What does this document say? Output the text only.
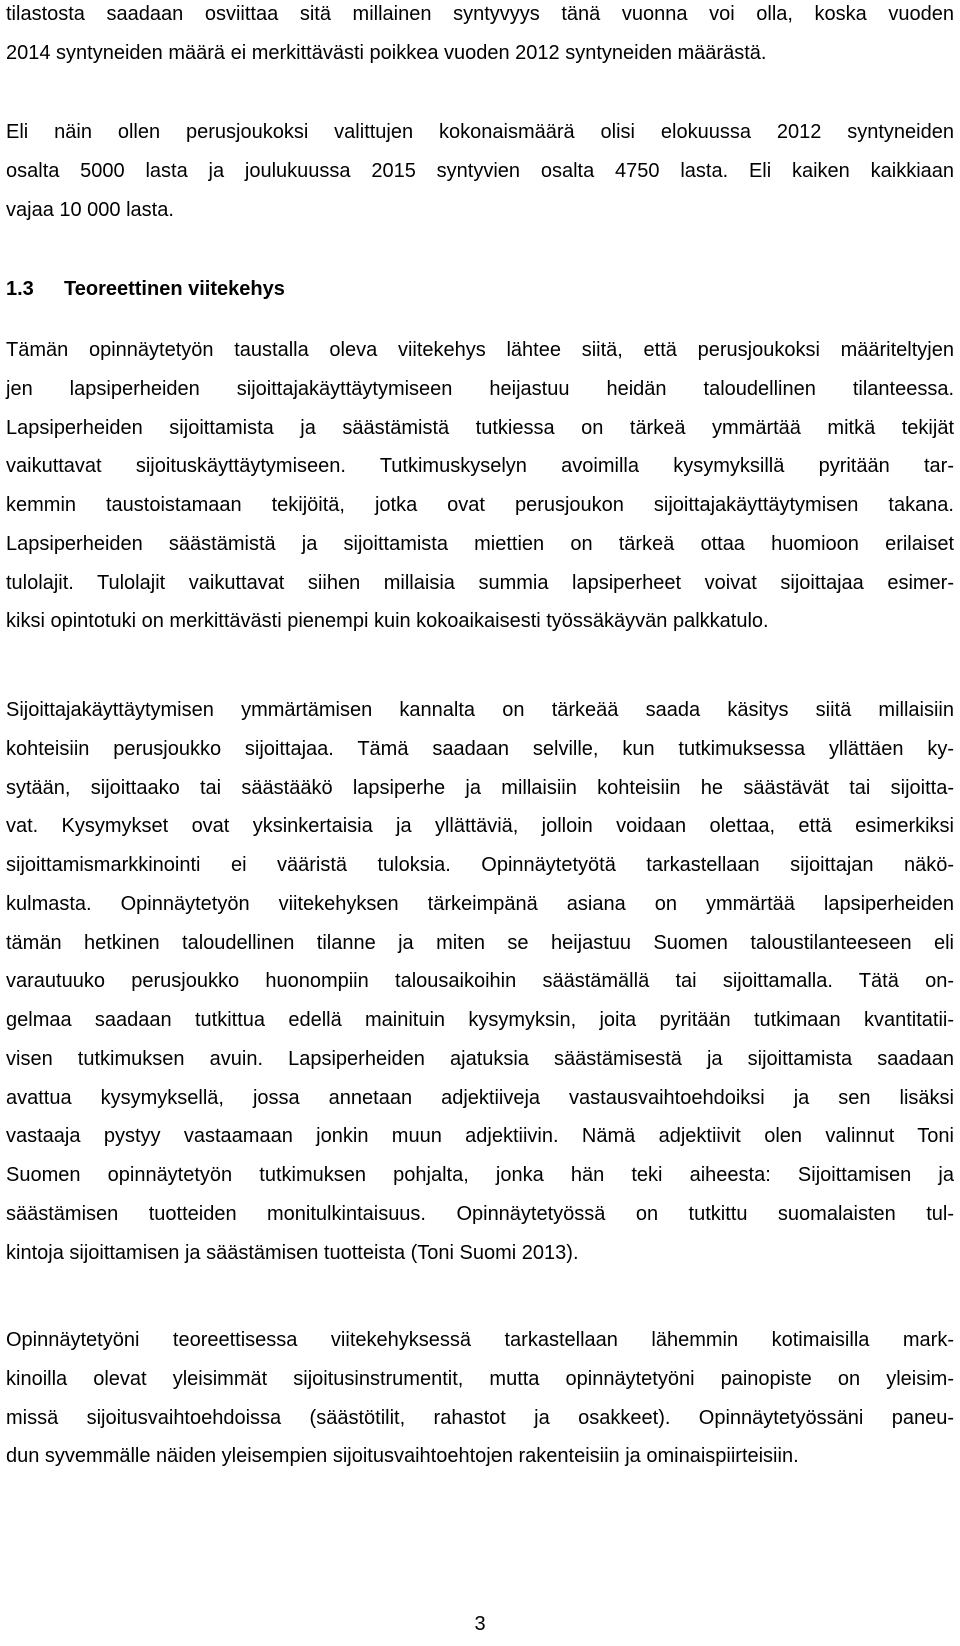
tilastosta saadaan osviittaa sitä millainen syntyvyys tänä vuonna voi olla, koska vuoden
2014 syntyneiden määrä ei merkittävästi poikkea vuoden 2012 syntyneiden määrästä.
Eli näin ollen perusjoukoksi valittujen kokonaismäärä olisi elokuussa 2012 syntyneiden
osalta 5000 lasta ja joulukuussa 2015 syntyvien osalta 4750 lasta. Eli kaiken kaikkiaan
vajaa 10 000 lasta.
1.3 Teoreettinen viitekehys
Tämän opinnäytetyön taustalla oleva viitekehys lähtee siitä, että perusjoukoksi määriteltyjen
jen lapsiperheiden sijoittajakäyttäytymiseen heijastuu heidän taloudellinen tilanteessa.
Lapsiperheiden sijoittamista ja säästämistä tutkiessa on tärkeä ymmärtää mitkä tekijät
vaikuttavat sijoituskäyttäytymiseen. Tutkimuskyselyn avoimilla kysymyksillä pyritään tar-
kemmin taustoistamaan tekijöitä, jotka ovat perusjoukon sijoittajakäyttäytymisen takana.
Lapsiperheiden säästämistä ja sijoittamista miettien on tärkeä ottaa huomioon erilaiset
tulolajit. Tulolajit vaikuttavat siihen millaisia summia lapsiperheet voivat sijoittajaa esimer-
kiksi opintotuki on merkittävästi pienempi kuin kokoaikaisesti työssäkäyvän palkkatulo.
Sijoittajakäyttäytymisen ymmärtämisen kannalta on tärkeää saada käsitys siitä millaisiin
kohteisiin perusjoukko sijoittajaa. Tämä saadaan selville, kun tutkimuksessa yllättäen ky-
sytään, sijoittaako tai säästääkö lapsiperhe ja millaisiin kohteisiin he säästävät tai sijoitta-
vat. Kysymykset ovat yksinkertaisia ja yllättäviä, jolloin voidaan olettaa, että esimerkiksi
sijoittamismarkkinointi ei vääristä tuloksia. Opinnäytetyötä tarkastellaan sijoittajan näkö-
kulmasta. Opinnäytetyön viitekehyksen tärkeimpänä asiana on ymmärtää lapsiperheiden
tämän hetkinen taloudellinen tilanne ja miten se heijastuu Suomen taloustilanteeseen eli
varautuuko perusjoukko huonompiin talousaikoihin säästämällä tai sijoittamalla. Tätä on-
gelmaa saadaan tutkittua edellä mainituin kysymyksin, joita pyritään tutkimaan kvantitatii-
visen tutkimuksen avuin. Lapsiperheiden ajatuksia säästämisestä ja sijoittamista saadaan
avattua kysymyksellä, jossa annetaan adjektiiveja vastausvaihtoehdoiksi ja sen lisäksi
vastaaja pystyy vastaamaan jonkin muun adjektiivin. Nämä adjektiivit olen valinnut Toni
Suomen opinnäytetyön tutkimuksen pohjalta, jonka hän teki aiheesta: Sijoittamisen ja
säästämisen tuotteiden monitulkintaisuus. Opinnäytetyössä on tutkittu suomalaisten tul-
kintoja sijoittamisen ja säästämisen tuotteista (Toni Suomi 2013).
Opinnäytetyöni teoreettisessa viitekehyksessä tarkastellaan lähemmin kotimaisilla mark-
kinoilla olevat yleisimmät sijoitusinstrumentit, mutta opinnäytetyöni painopiste on yleisim-
missä sijoitusvaihtoehdoissa (säästötilit, rahastot ja osakkeet). Opinnäytetyössäni paneu-
dun syvemmälle näiden yleisempien sijoitusvaihtoehtojen rakenteisiin ja ominaispiirteisiin.
3
